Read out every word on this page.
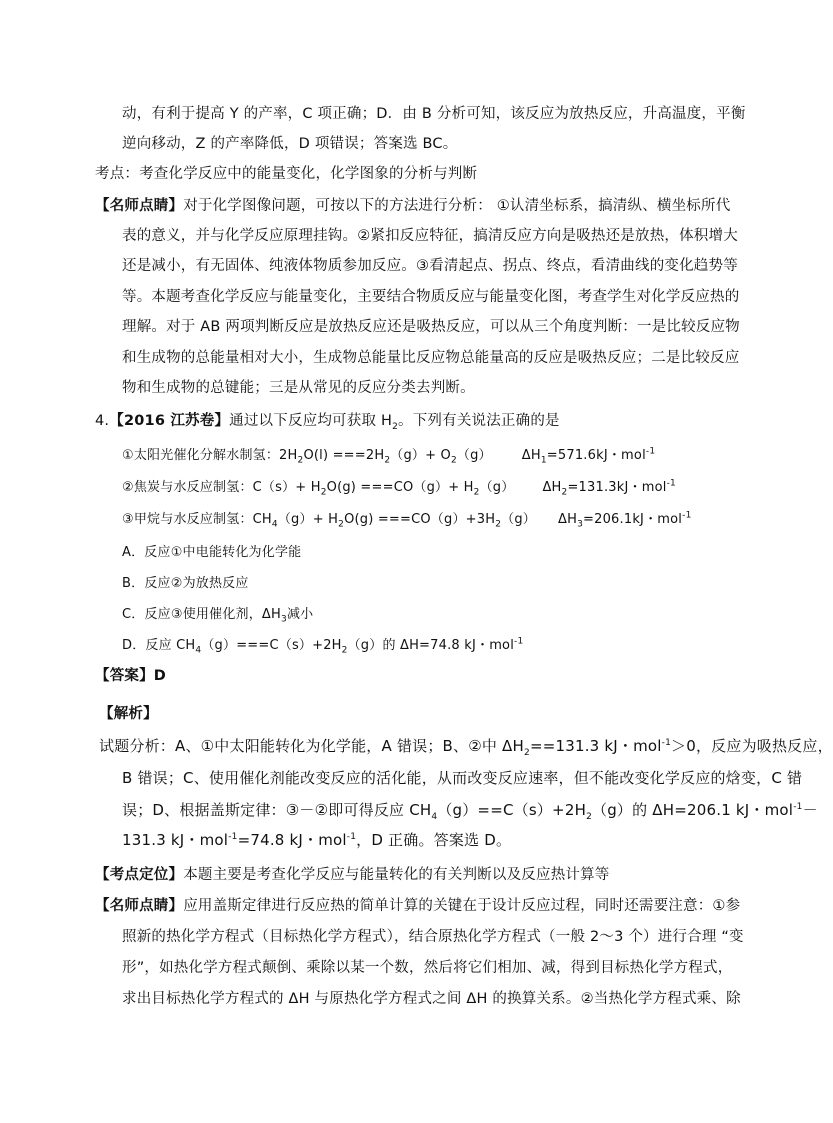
动，有利于提高 Y 的产率，C 项正确；D．由 B 分析可知，该反应为放热反应，升高温度，平衡
逆向移动，Z 的产率降低，D 项错误；答案选 BC。
考点：考查化学反应中的能量变化，化学图象的分析与判断
【名师点睛】对于化学图像问题，可按以下的方法进行分析： ①认清坐标系，搞清纵、横坐标所代
表的意义，并与化学反应原理挂钩。②紧扣反应特征，搞清反应方向是吸热还是放热，体积增大
还是减小，有无固体、纯液体物质参加反应。③看清起点、拐点、终点，看清曲线的变化趋势等
等。本题考查化学反应与能量变化，主要结合物质反应与能量变化图，考查学生对化学反应热的
理解。对于 AB 两项判断反应是放热反应还是吸热反应，可以从三个角度判断：一是比较反应物
和生成物的总能量相对大小，生成物总能量比反应物总能量高的反应是吸热反应；二是比较反应
物和生成物的总键能；三是从常见的反应分类去判断。
4.【2016 江苏卷】通过以下反应均可获取 $H_2$。下列有关说法正确的是
①太阳光催化分解水制氢：$2H_2O(l) ===2H_2(g)+ O_2(g)$ $\Delta H_1=571.6kJ$・mol$^{-1}$
②焦炭与水反应制氢：$C(s)+ H_2O(g) ===CO(g)+ H_2(g)$ $\Delta H_2=131.3kJ$・mol$^{-1}$
③甲烷与水反应制氢：$CH_4(g)+ H_2O(g) ===CO(g)+3H_2(g)$ $\Delta H_3=206.1kJ$・mol$^{-1}$
A．反应①中电能转化为化学能
B．反应②为放热反应
C．反应③使用催化剂，$\Delta H_3$减小
D．反应 $CH_4(g)===C(s)+2H_2(g)$的 ΔH=74.8 kJ・mol$^{-1}$
【答案】D
【解析】
试题分析：A、①中太阳能转化为化学能，A 错误；B、②中 $\Delta H_2==131.3$ kJ・mol$^{-1}$＞0，反应为吸热反应，
B 错误；C、使用催化剂能改变反应的活化能，从而改变反应速率，但不能改变化学反应的焓变，C 错
误；D、根据盖斯定律：③－②即可得反应 $CH_4(g)==C(s)+2H_2(g)$的 ΔH=206.1 kJ・mol$^{-1}$－
131.3 kJ・mol$^{-1}$=74.8 kJ・mol$^{-1}$，D 正确。答案选 D。
【考点定位】本题主要是考查化学反应与能量转化的有关判断以及反应热计算等
【名师点睛】应用盖斯定律进行反应热的简单计算的关键在于设计反应过程，同时还需要注意：①参
照新的热化学方程式（目标热化学方程式），结合原热化学方程式（一般 2～3 个）进行合理 “变
形”，如热化学方程式颠倒、乘除以某一个数，然后将它们相加、减，得到目标热化学方程式，
求出目标热化学方程式的 ΔH 与原热化学方程式之间 ΔH 的换算关系。②当热化学方程式乘、除
